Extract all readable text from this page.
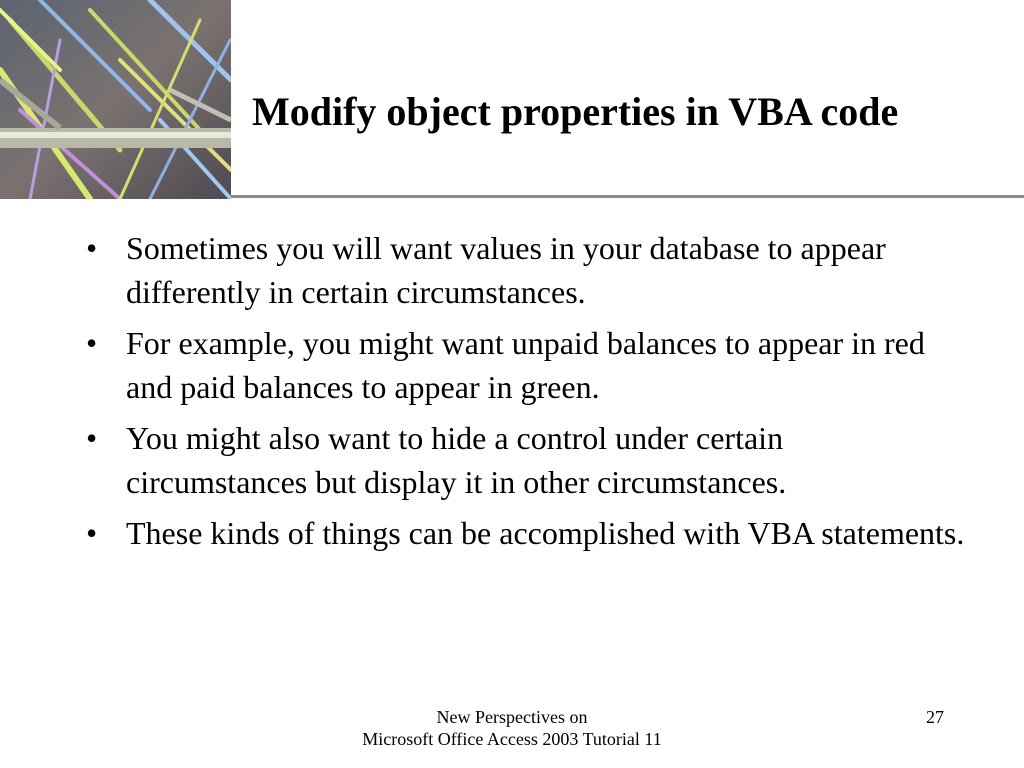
Modify object properties in VBA code
• Sometimes you will want values in your database to appear differently in certain circumstances.
• For example, you might want unpaid balances to appear in red and paid balances to appear in green.
• You might also want to hide a control under certain circumstances but display it in other circumstances.
• These kinds of things can be accomplished with VBA statements.
New Perspectives on
Microsoft Office Access 2003 Tutorial 11
27
